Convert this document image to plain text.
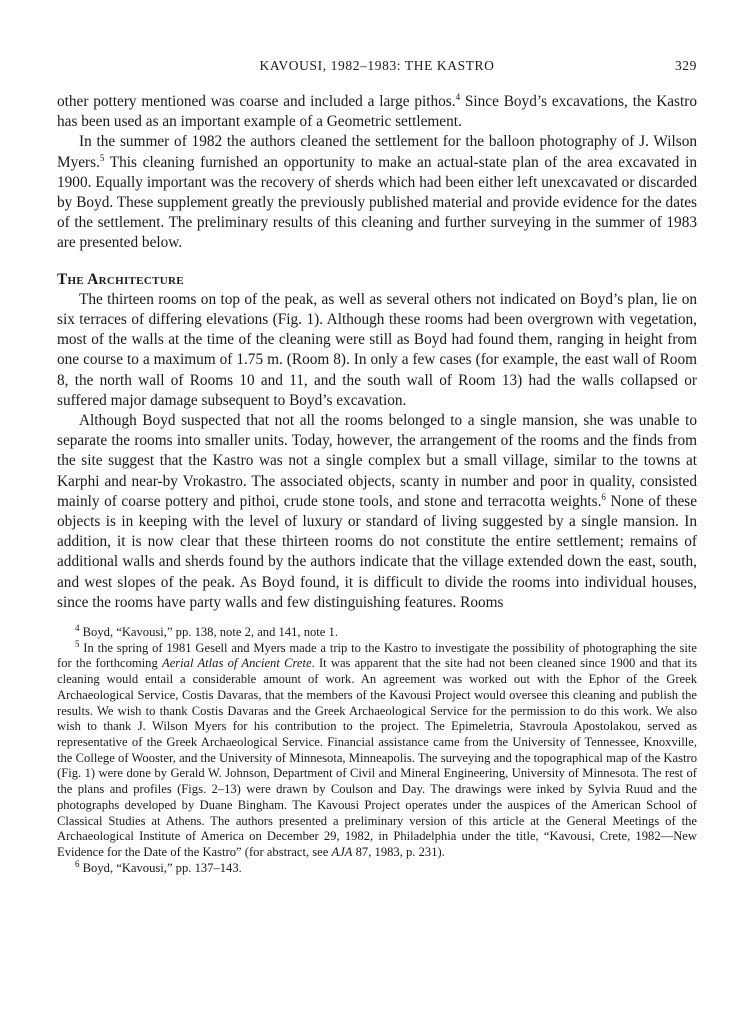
KAVOUSI, 1982–1983: THE KASTRO	329

other pottery mentioned was coarse and included a large pithos.$^4$ Since Boyd’s excavations, the Kastro has been used as an important example of a Geometric settlement.

In the summer of 1982 the authors cleaned the settlement for the balloon photography of J. Wilson Myers.$^5$ This cleaning furnished an opportunity to make an actual-state plan of the area excavated in 1900. Equally important was the recovery of sherds which had been either left unexcavated or discarded by Boyd. These supplement greatly the previously published material and provide evidence for the dates of the settlement. The preliminary results of this cleaning and further surveying in the summer of 1983 are presented below.

The Architecture

The thirteen rooms on top of the peak, as well as several others not indicated on Boyd’s plan, lie on six terraces of differing elevations (Fig. 1). Although these rooms had been overgrown with vegetation, most of the walls at the time of the cleaning were still as Boyd had found them, ranging in height from one course to a maximum of 1.75 m. (Room 8). In only a few cases (for example, the east wall of Room 8, the north wall of Rooms 10 and 11, and the south wall of Room 13) had the walls collapsed or suffered major damage subsequent to Boyd’s excavation.

Although Boyd suspected that not all the rooms belonged to a single mansion, she was unable to separate the rooms into smaller units. Today, however, the arrangement of the rooms and the finds from the site suggest that the Kastro was not a single complex but a small village, similar to the towns at Karphi and near-by Vrokastro. The associated objects, scanty in number and poor in quality, consisted mainly of coarse pottery and pithoi, crude stone tools, and stone and terracotta weights.$^6$ None of these objects is in keeping with the level of luxury or standard of living suggested by a single mansion. In addition, it is now clear that these thirteen rooms do not constitute the entire settlement; remains of additional walls and sherds found by the authors indicate that the village extended down the east, south, and west slopes of the peak. As Boyd found, it is difficult to divide the rooms into individual houses, since the rooms have party walls and few distinguishing features. Rooms

$^4$ Boyd, “Kavousi,” pp. 138, note 2, and 141, note 1.

$^5$ In the spring of 1981 Gesell and Myers made a trip to the Kastro to investigate the possibility of photographing the site for the forthcoming Aerial Atlas of Ancient Crete. It was apparent that the site had not been cleaned since 1900 and that its cleaning would entail a considerable amount of work. An agreement was worked out with the Ephor of the Greek Archaeological Service, Costis Davaras, that the members of the Kavousi Project would oversee this cleaning and publish the results. We wish to thank Costis Davaras and the Greek Archaeological Service for the permission to do this work. We also wish to thank J. Wilson Myers for his contribution to the project. The Epimeletria, Stavroula Apostolakou, served as representative of the Greek Archaeological Service. Financial assistance came from the University of Tennessee, Knoxville, the College of Wooster, and the University of Minnesota, Minneapolis. The surveying and the topographical map of the Kastro (Fig. 1) were done by Gerald W. Johnson, Department of Civil and Mineral Engineering, University of Minnesota. The rest of the plans and profiles (Figs. 2–13) were drawn by Coulson and Day. The drawings were inked by Sylvia Ruud and the photographs developed by Duane Bingham. The Kavousi Project operates under the auspices of the American School of Classical Studies at Athens. The authors presented a preliminary version of this article at the General Meetings of the Archaeological Institute of America on December 29, 1982, in Philadelphia under the title, “Kavousi, Crete, 1982—New Evidence for the Date of the Kastro” (for abstract, see AJA 87, 1983, p. 231).

$^6$ Boyd, “Kavousi,” pp. 137–143.
